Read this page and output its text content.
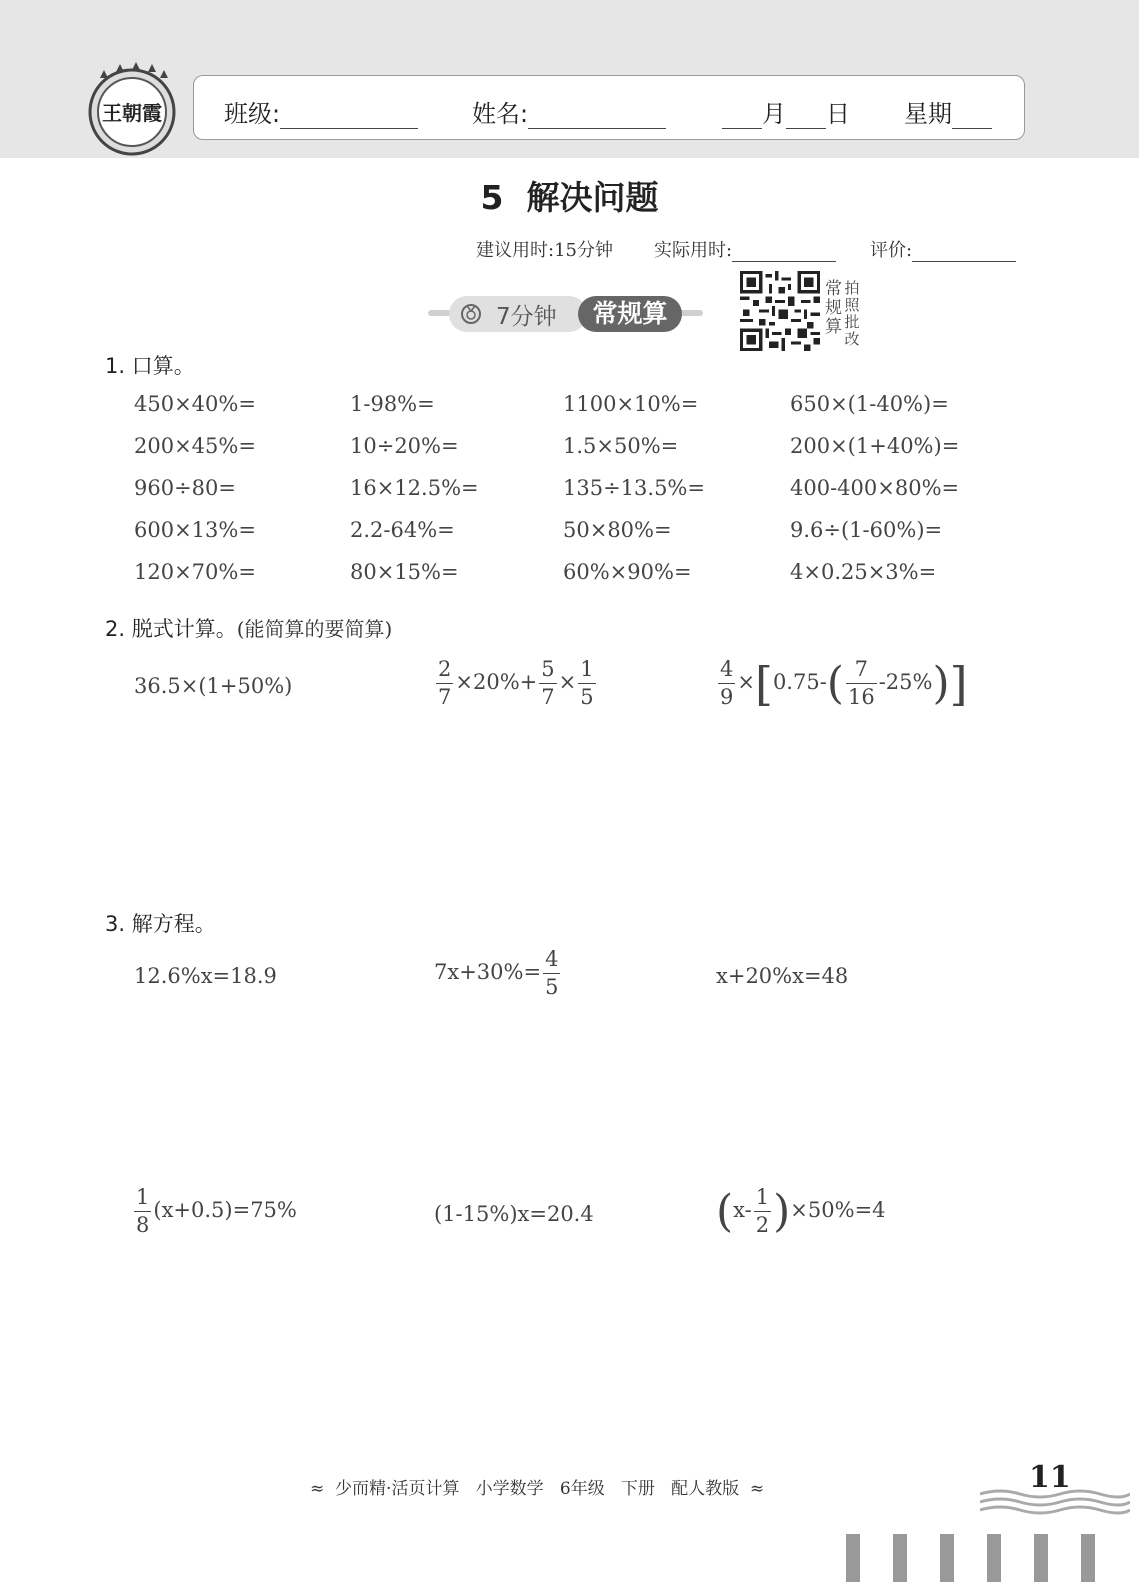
王朝霞	班级:	姓名:	月 日 星期
5  解决问题
建议用时:15分钟 实际用时:	评价:
7分钟	常规算
常规算
拍照批改
1. 口算。
450×40%=	1-98%=	1100×10%=	650×(1-40%)=
200×45%=	10÷20%=	1.5×50%=	200×(1+40%)=
960÷80=	16×12.5%=	135÷13.5%=	400-400×80%=
600×13%=	2.2-64%=	50×80%=	9.6÷(1-60%)=
120×70%=	80×15%=	60%×90%=	4×0.25×3%=
2. 脱式计算。(能简算的要简算)
36.5×(1+50%)	$\frac{2}{7} \times 20\%+ \frac{5}{7} \times \frac{1}{5}$	$\frac{4}{9} \times[0.75-( \frac{7}{16} -25\%)]$
3. 解方程。
12.6%x=18.9	$7x+30\%= \frac{4}{5}$	x+20%x=48
$\frac{1}{8} (x+0.5)=75\%$	(1-15%)x=20.4	$(x- \frac{1}{2} )\times 50\%=4$
≈  少而精·活页计算   小学数学   6年级   下册   配人教版  ≈	11
